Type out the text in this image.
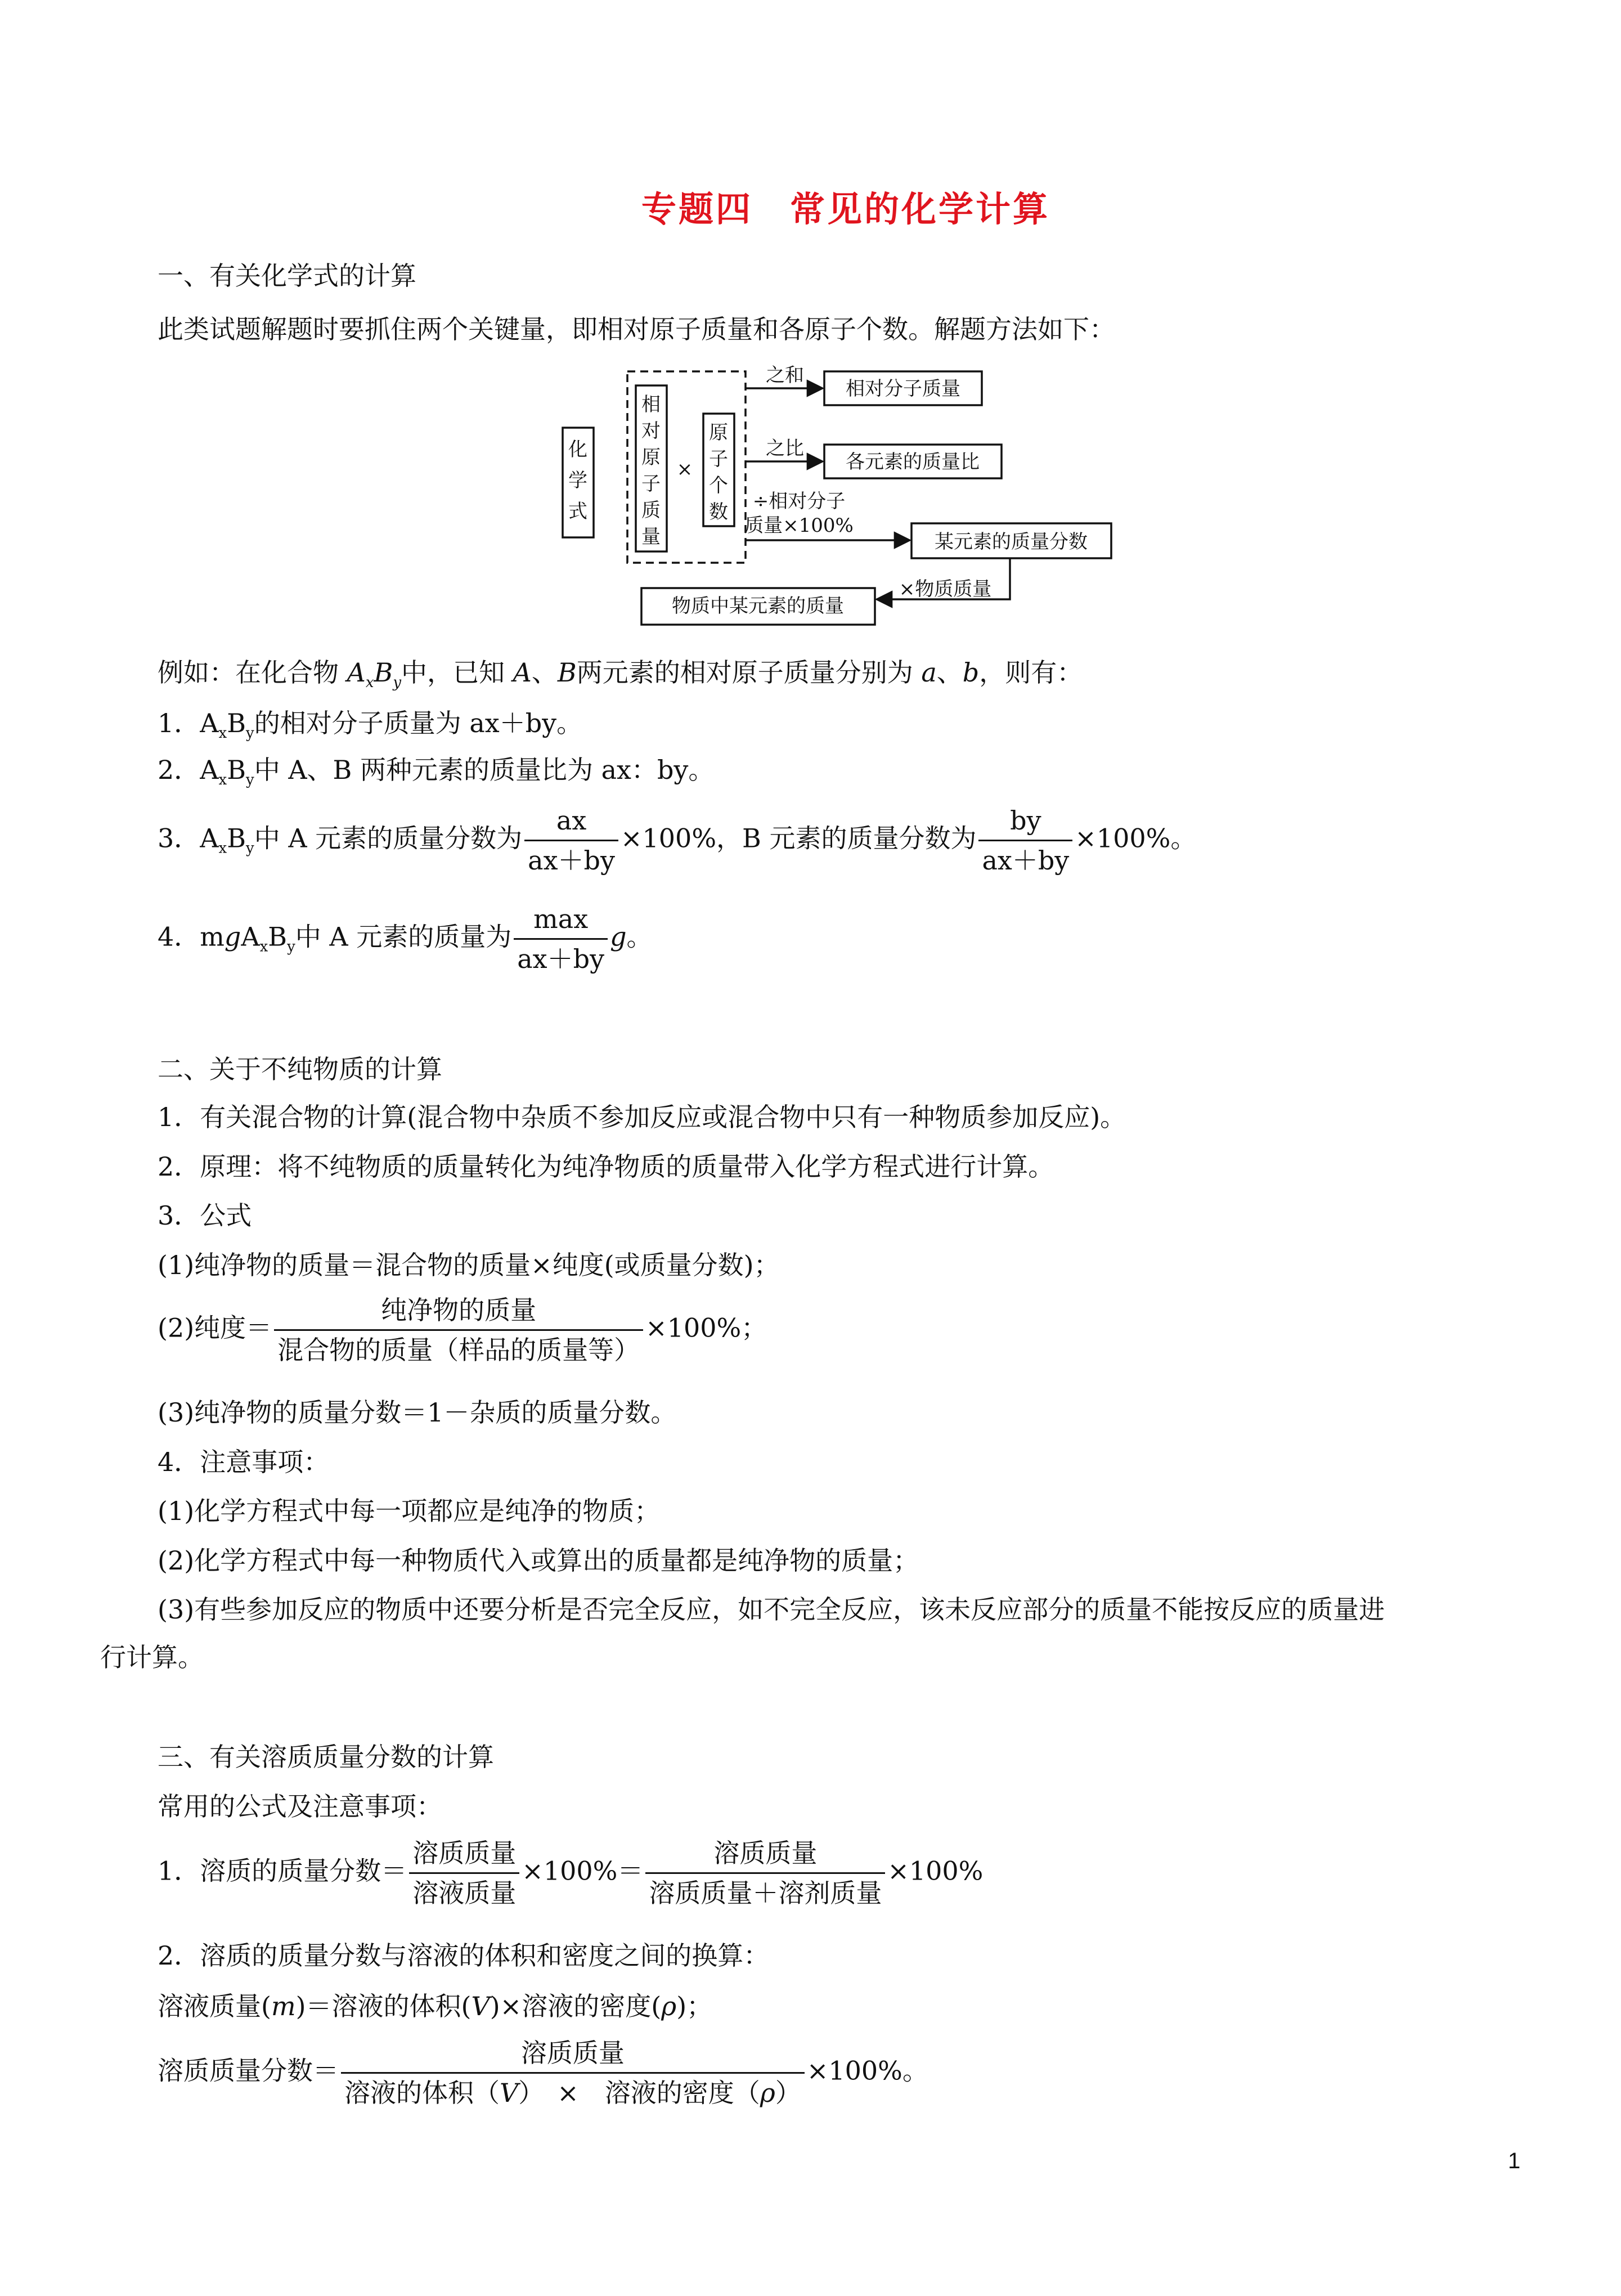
专题四　常见的化学计算
一、有关化学式的计算
此类试题解题时要抓住两个关键量，即相对原子质量和各原子个数。解题方法如下：
化
学
式
相
对
原
子
质
量
×
原
子
个
数
之和
相对分子质量
之比
各元素的质量比
÷相对分子
质量×100%
某元素的质量分数
×物质质量
物质中某元素的质量
例如：在化合物 $A_xB_y$中，已知 A、B两元素的相对原子质量分别为 a、b，则有：
1．$A_xB_y$的相对分子质量为 ax＋by。
2．$A_xB_y$中 A、B 两种元素的质量比为 ax：by。
3．$A_xB_y$中 A 元素的质量分数为 $\frac{ax}{ax+by} \times 100\%$，B 元素的质量分数为 $\frac{by}{ax+by} \times 100\%$。
4．$mgA_xB_y$中 A 元素的质量为 $\frac{\max}{ax+by}$ g。
二、关于不纯物质的计算
1．有关混合物的计算(混合物中杂质不参加反应或混合物中只有一种物质参加反应)。
2．原理：将不纯物质的质量转化为纯净物质的质量带入化学方程式进行计算。
3．公式
(1)纯净物的质量＝混合物的质量×纯度(或质量分数)；
(2)纯度＝ $\frac{\text{纯净物的质量}}{\text{混合物的质量（样品的质量等）}} \times 100\%$；
(3)纯净物的质量分数＝1－杂质的质量分数。
4．注意事项：
(1)化学方程式中每一项都应是纯净的物质；
(2)化学方程式中每一种物质代入或算出的质量都是纯净物的质量；
(3)有些参加反应的物质中还要分析是否完全反应，如不完全反应，该未反应部分的质量不能按反应的质量进
行计算。
三、有关溶质质量分数的计算
常用的公式及注意事项：
1．溶质的质量分数＝ $\frac{\text{溶质质量}}{\text{溶液质量}} \times 100\%= \frac{\text{溶质质量}}{\text{溶质质量＋溶剂质量}} \times 100\%$
2．溶质的质量分数与溶液的体积和密度之间的换算：
溶液质量(m)＝溶液的体积(V)×溶液的密度(ρ)；
溶质质量分数＝ $\frac{\text{溶质质量}}{\text{溶液的体积（V）　×　溶液的密度（ρ）}} \times 100\%$。
1
